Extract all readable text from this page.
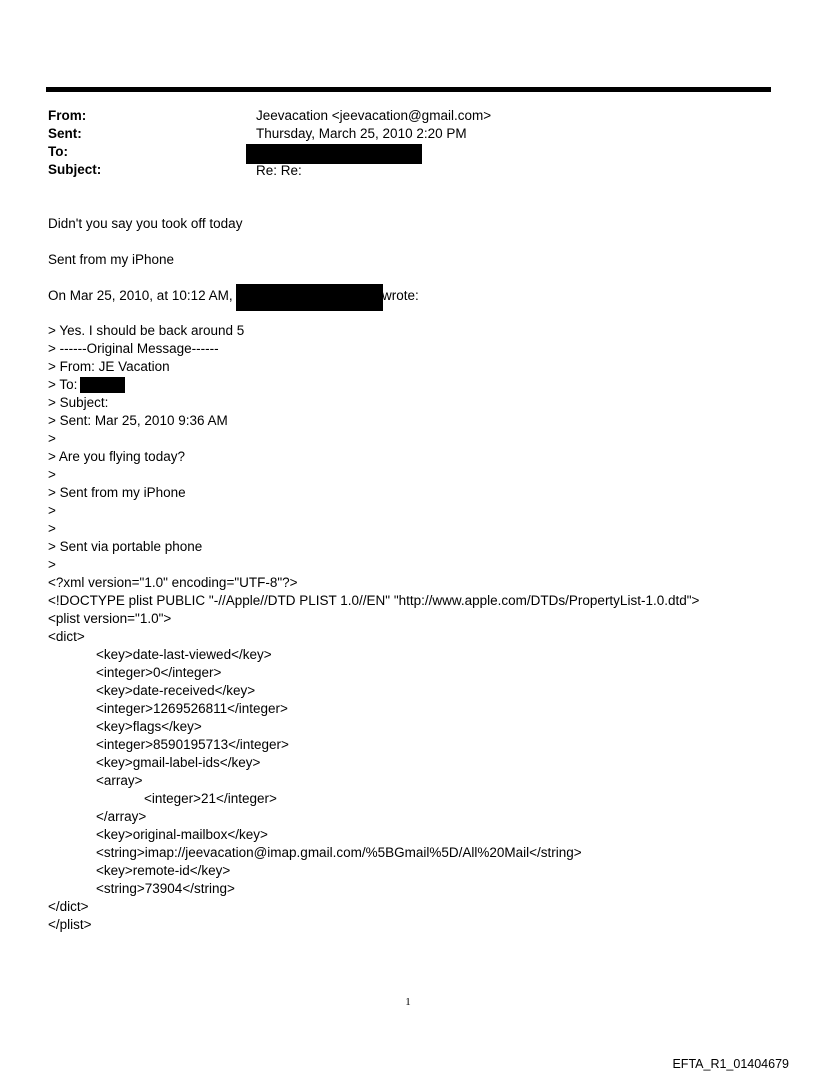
From:	Jeevacation <jeevacation@gmail.com>
Sent:	Thursday, March 25, 2010 2:20 PM
To:
Subject:	Re: Re:
Didn't you say you took off today
Sent from my iPhone
On Mar 25, 2010, at 10:12 AM,	wrote:
> Yes. I should be back around 5
> ------Original Message------
> From: JE Vacation
> To:
> Subject:
> Sent: Mar 25, 2010 9:36 AM
>
> Are you flying today?
>
> Sent from my iPhone
>
>
> Sent via portable phone
>
<?xml version="1.0" encoding="UTF-8"?>
<!DOCTYPE plist PUBLIC "-//Apple//DTD PLIST 1.0//EN" "http://www.apple.com/DTDs/PropertyList-1.0.dtd">
<plist version="1.0">
<dict>
<key>date-last-viewed</key>
<integer>0</integer>
<key>date-received</key>
<integer>1269526811</integer>
<key>flags</key>
<integer>8590195713</integer>
<key>gmail-label-ids</key>
<array>
<integer>21</integer>
</array>
<key>original-mailbox</key>
<string>imap://jeevacation@imap.gmail.com/%5BGmail%5D/All%20Mail</string>
<key>remote-id</key>
<string>73904</string>
</dict>
</plist>
1
EFTA_R1_01404679
